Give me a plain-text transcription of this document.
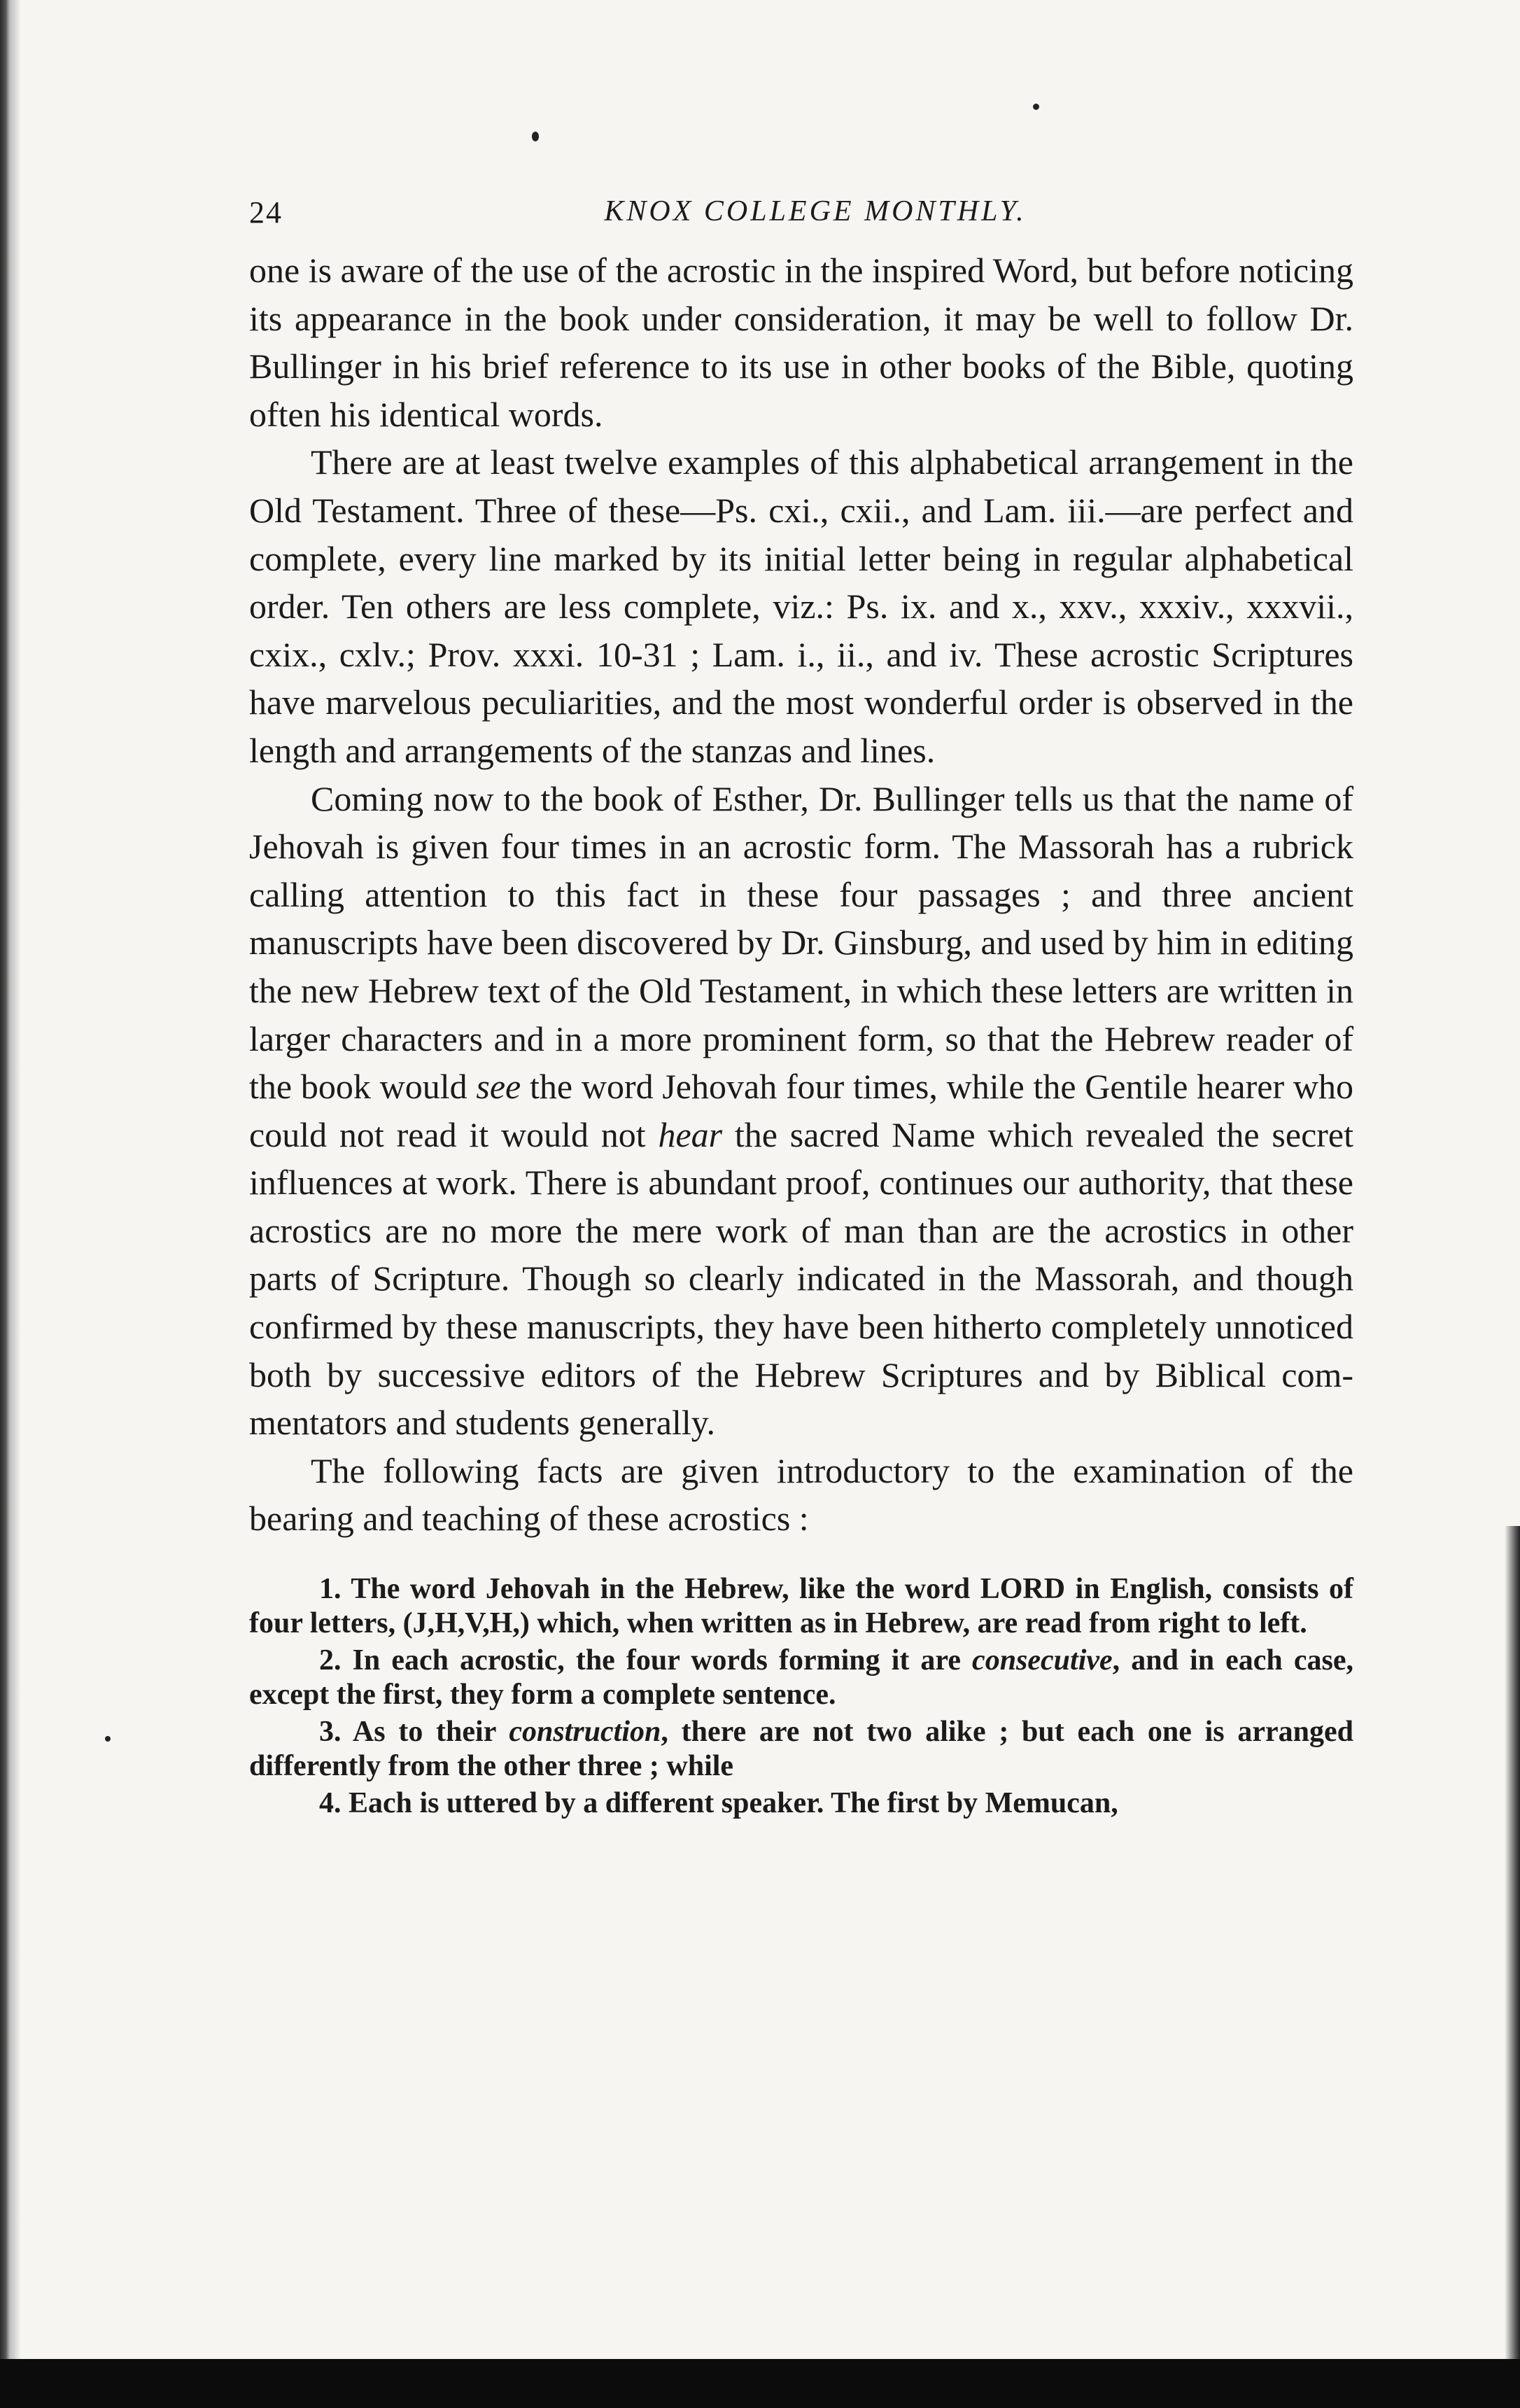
24	KNOX COLLEGE MONTHLY.

one is aware of the use of the acrostic in the inspired Word, but before noticing its appearance in the book under consideration, it may be well to follow Dr. Bullinger in his brief reference to its use in other books of the Bible, quoting often his identical words.

There are at least twelve examples of this alphabetical arrangement in the Old Testament. Three of these—Ps. cxi., cxii., and Lam. iii.—are perfect and complete, every line marked by its initial letter being in regular alphabetical order. Ten others are less complete, viz.: Ps. ix. and x., xxv., xxxiv., xxxvii., cxix., cxlv.; Prov. xxxi. 10-31 ; Lam. i., ii., and iv. These acrostic Scriptures have marvelous peculiarities, and the most wonderful order is observed in the length and arrangements of the stanzas and lines.

Coming now to the book of Esther, Dr. Bullinger tells us that the name of Jehovah is given four times in an acrostic form. The Massorah has a rubrick calling attention to this fact in these four passages ; and three ancient manuscripts have been discovered by Dr. Ginsburg, and used by him in editing the new Hebrew text of the Old Testament, in which these letters are written in larger characters and in a more prominent form, so that the Hebrew reader of the book would see the word Jehovah four times, while the Gentile hearer who could not read it would not hear the sacred Name which revealed the secret influences at work. There is abundant proof, continues our authority, that these acrostics are no more the mere work of man than are the acrostics in other parts of Scripture. Though so clearly indicated in the Massorah, and though confirmed by these manuscripts, they have been hitherto completely unnoticed both by successive editors of the Hebrew Scriptures and by Biblical commentators and students generally.

The following facts are given introductory to the examination of the bearing and teaching of these acrostics :

1. The word Jehovah in the Hebrew, like the word LORD in English, consists of four letters, (J,H,V,H,) which, when written as in Hebrew, are read from right to left.

2. In each acrostic, the four words forming it are consecutive, and in each case, except the first, they form a complete sentence.

3. As to their construction, there are not two alike ; but each one is arranged differently from the other three ; while

4. Each is uttered by a different speaker. The first by Memucan,
